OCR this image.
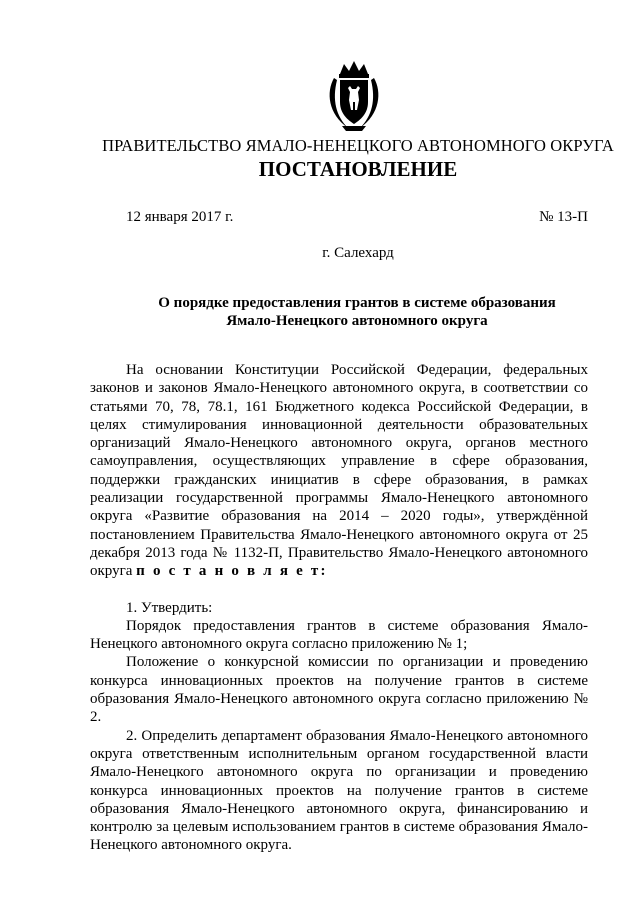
ПРАВИТЕЛЬСТВО ЯМАЛО-НЕНЕЦКОГО АВТОНОМНОГО ОКРУГА
ПОСТАНОВЛЕНИЕ
12 января 2017 г.	№ 13-П
г. Салехард
О порядке предоставления грантов в системе образования
Ямало-Ненецкого автономного округа

На основании Конституции Российской Федерации, федеральных законов и законов Ямало-Ненецкого автономного округа, в соответствии со статьями 70, 78, 78.1, 161 Бюджетного кодекса Российской Федерации, в целях стимулирования инновационной деятельности образовательных организаций Ямало-Ненецкого автономного округа, органов местного самоуправления, осуществляющих управление в сфере образования, поддержки гражданских инициатив в сфере образования, в рамках реализации государственной программы Ямало-Ненецкого автономного округа «Развитие образования на 2014 – 2020 годы», утверждённой постановлением Правительства Ямало-Ненецкого автономного округа от 25 декабря 2013 года № 1132-П, Правительство Ямало-Ненецкого автономного округа п о с т а н о в л я е т:

1. Утвердить:

Порядок предоставления грантов в системе образования Ямало-Ненецкого автономного округа согласно приложению № 1;

Положение о конкурсной комиссии по организации и проведению конкурса инновационных проектов на получение грантов в системе образования Ямало-Ненецкого автономного округа согласно приложению № 2.

2. Определить департамент образования Ямало-Ненецкого автономного округа ответственным исполнительным органом государственной власти Ямало-Ненецкого автономного округа по организации и проведению конкурса инновационных проектов на получение грантов в системе образования Ямало-Ненецкого автономного округа, финансированию и контролю за целевым использованием грантов в системе образования Ямало-Ненецкого автономного округа.
